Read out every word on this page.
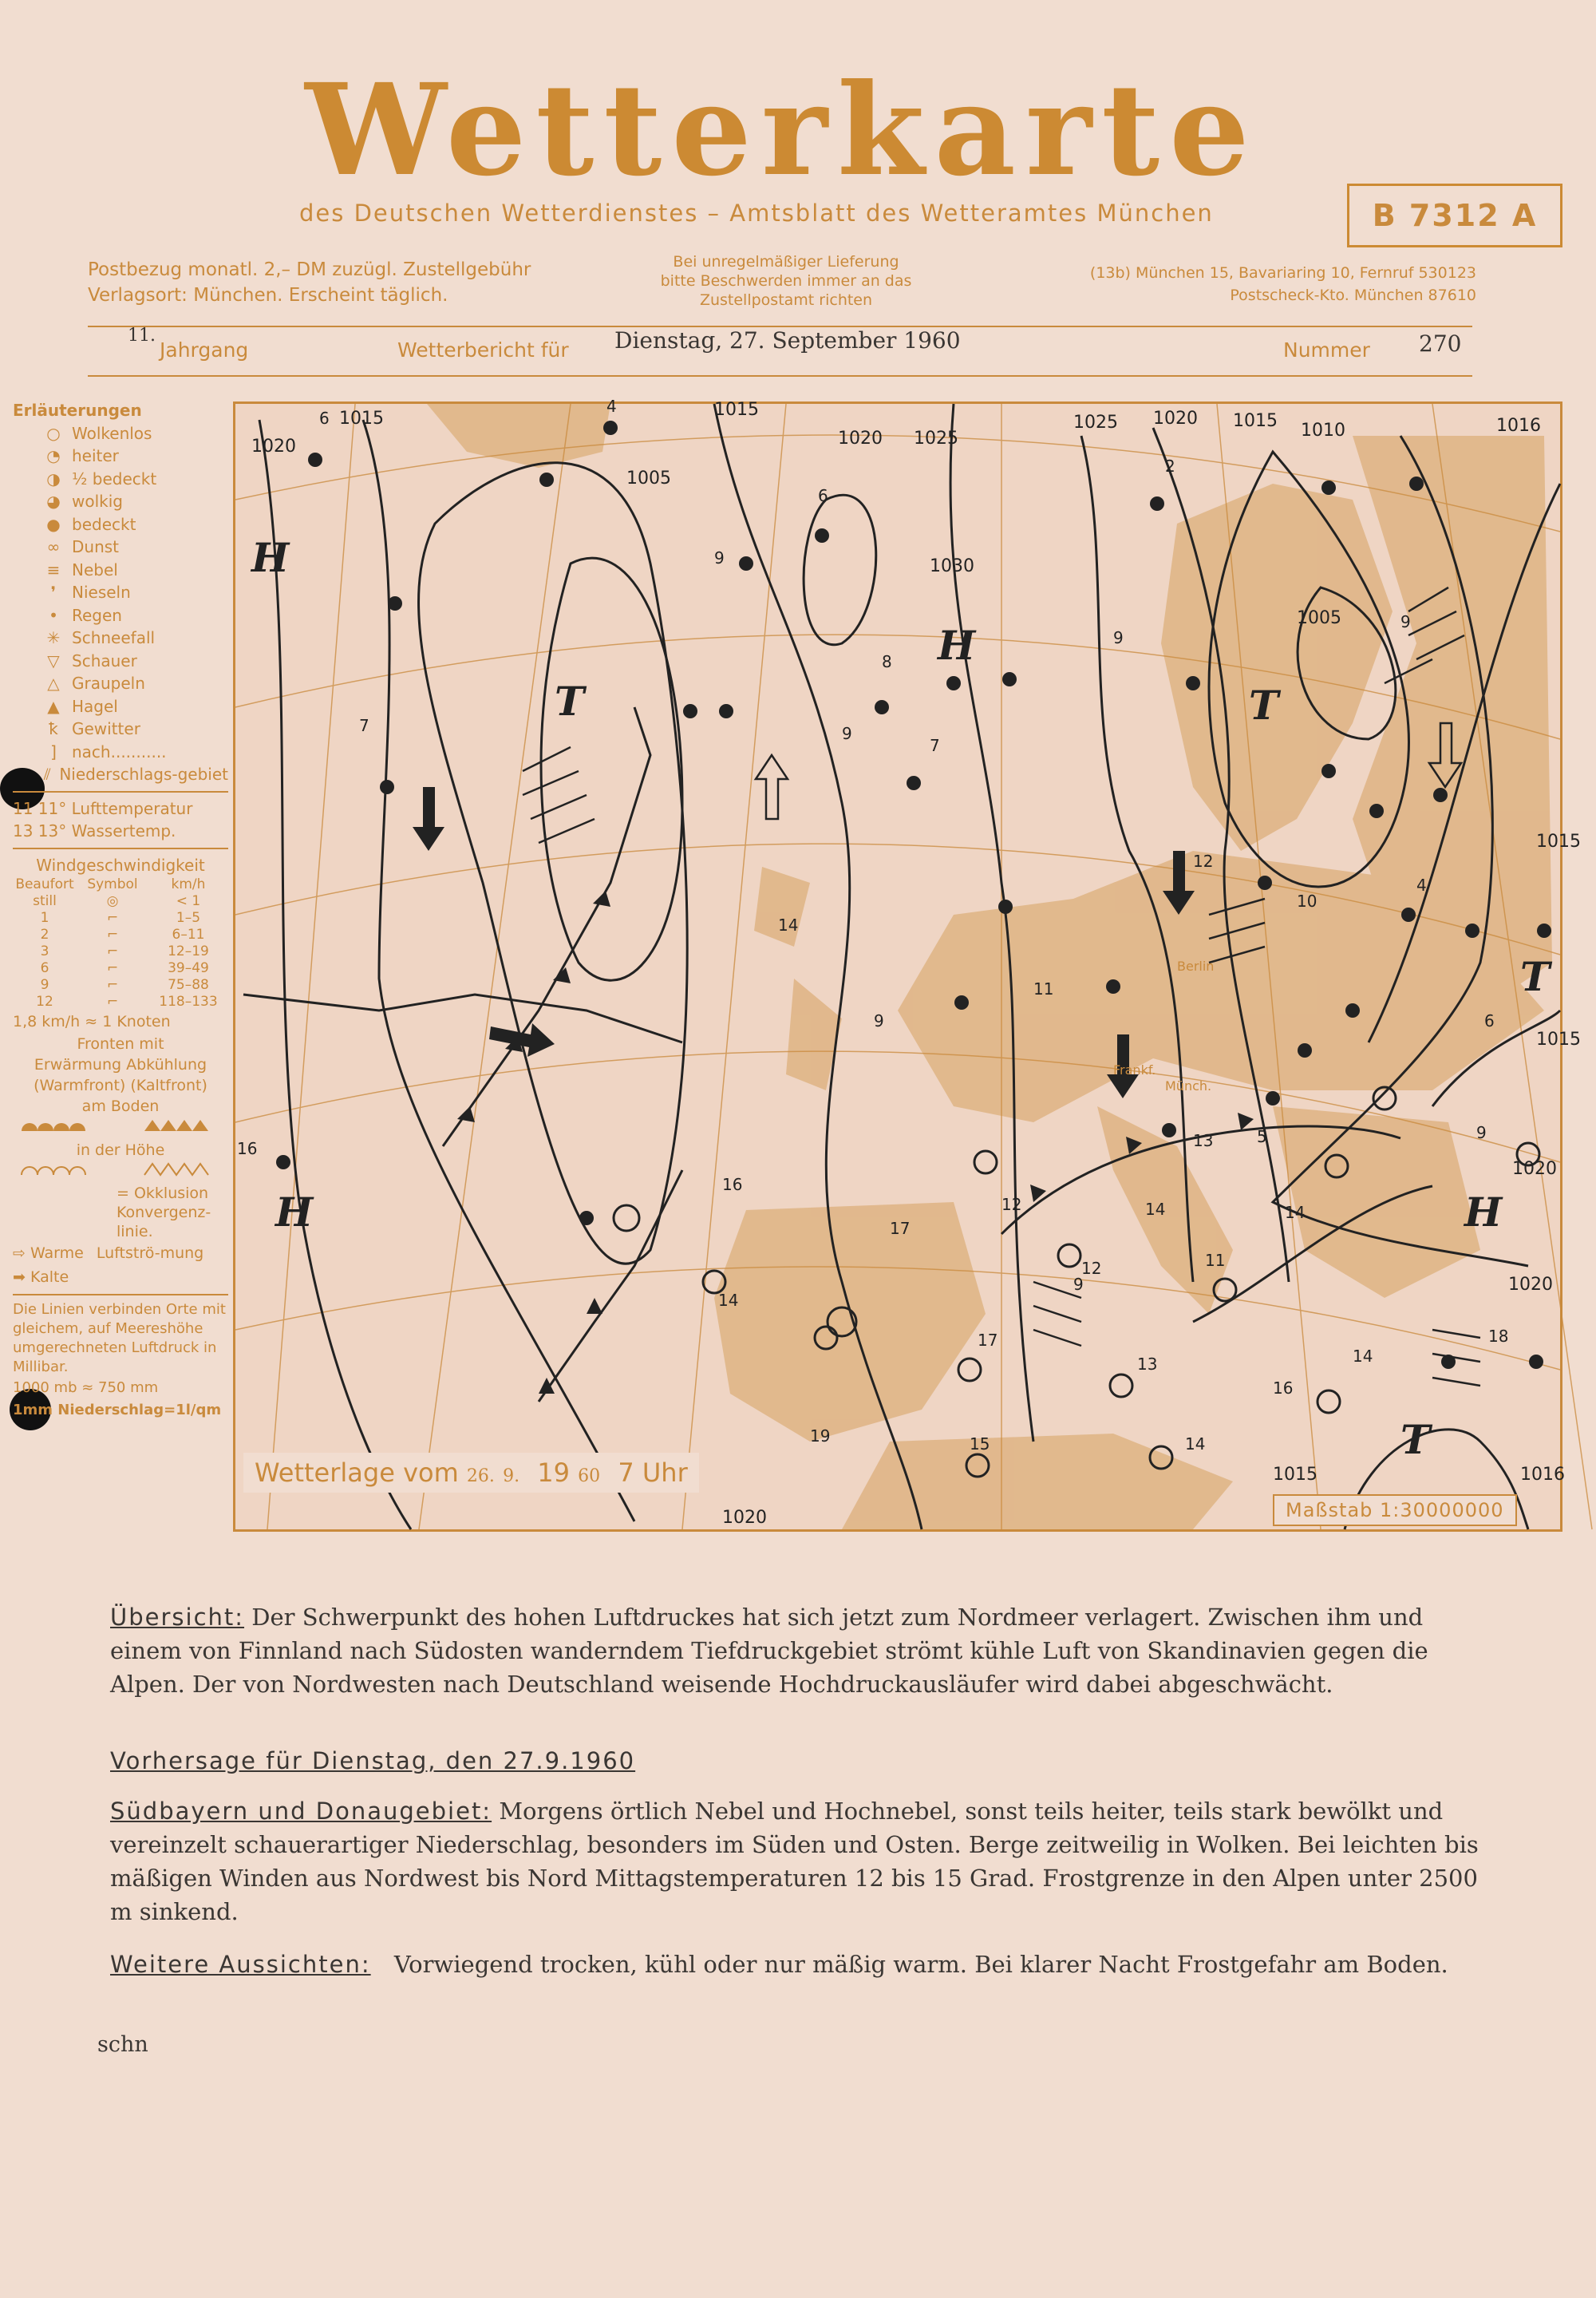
Wetterkarte
des Deutschen Wetterdienstes – Amtsblatt des Wetteramtes München	B 7312 A
Postbezug monatl. 2,– DM zuzügl. Zustellgebühr
Verlagsort: München. Erscheint täglich.
Bei unregelmäßiger Lieferung
bitte Beschwerden immer an das
Zustellpostamt richten
(13b) München 15, Bavariaring 10, Fernruf 530123
Postscheck-Kto. München 87610
11.
Jahrgang	Wetterbericht für Dienstag, 27. September 1960	Nummer 270
Erläuterungen
○ Wolkenlos
◔ heiter
◑ ½ bedeckt
◕ wolkig
● bedeckt
∞ Dunst
≡ Nebel
❜ Nieseln
• Regen
✳ Schneefall
▽ Schauer
△ Graupeln
▲ Hagel
ꝁ Gewitter
] nach...........
⫽ Niederschlags-gebiet
11 11° Lufttemperatur
13 13° Wassertemp.
Windgeschwindigkeit
Beaufort Symbol	km/h
still	◎	< 1
1	⌐	1–5
2	⌐	6–11
3	⌐	12–19
6	⌐	39–49
9	⌐	75–88
12	⌐	118–133
1,8 km/h ≈ 1 Knoten
Fronten mit
Erwärmung Abkühlung
(Warmfront) (Kaltfront)
am Boden
in der Höhe
= Okklusion
Konvergenz-linie.
⇨ Warme Luftströ-mung
➡ Kalte
Die Linien verbinden Orte mit gleichem, auf Meereshöhe umgerechneten Luftdruck in Millibar.
1000 mb ≈ 750 mm
1mm Niederschlag=1l/qm
H
T
H
T
T
H
T
H
1020
1015	1015
1020 1025
1025 1020 1015 1010	1016
1005
1030
1005
1015
1015
1020
1020
1015	1016
1020
6
4
6
9
8
7
9
2
10
9
11
9
5	9
14
16
18
12
17
14
19
17
13
14
11
14
13
14
16
16
12
15
14
4
6
9
9
12
7
Berlin
Frankf.
Münch.
Wetterlage vom 26. 9. 19 60 7 Uhr
Maßstab 1:30000000
Übersicht: Der Schwerpunkt des hohen Luftdruckes hat sich jetzt zum Nordmeer verlagert. Zwischen ihm und einem von Finnland nach Südosten wanderndem Tiefdruckgebiet strömt kühle Luft von Skandinavien gegen die Alpen. Der von Nordwesten nach Deutschland weisende Hochdruckausläufer wird dabei abgeschwächt.
Vorhersage für Dienstag, den 27.9.1960
Südbayern und Donaugebiet: Morgens örtlich Nebel und Hochnebel, sonst teils heiter, teils stark bewölkt und vereinzelt schauerartiger Niederschlag, besonders im Süden und Osten. Berge zeitweilig in Wolken. Bei leichten bis mäßigen Winden aus Nordwest bis Nord Mittagstemperaturen 12 bis 15 Grad. Frostgrenze in den Alpen unter 2500 m sinkend.
Weitere Aussichten: Vorwiegend trocken, kühl oder nur mäßig warm. Bei klarer Nacht Frostgefahr am Boden.
schn
